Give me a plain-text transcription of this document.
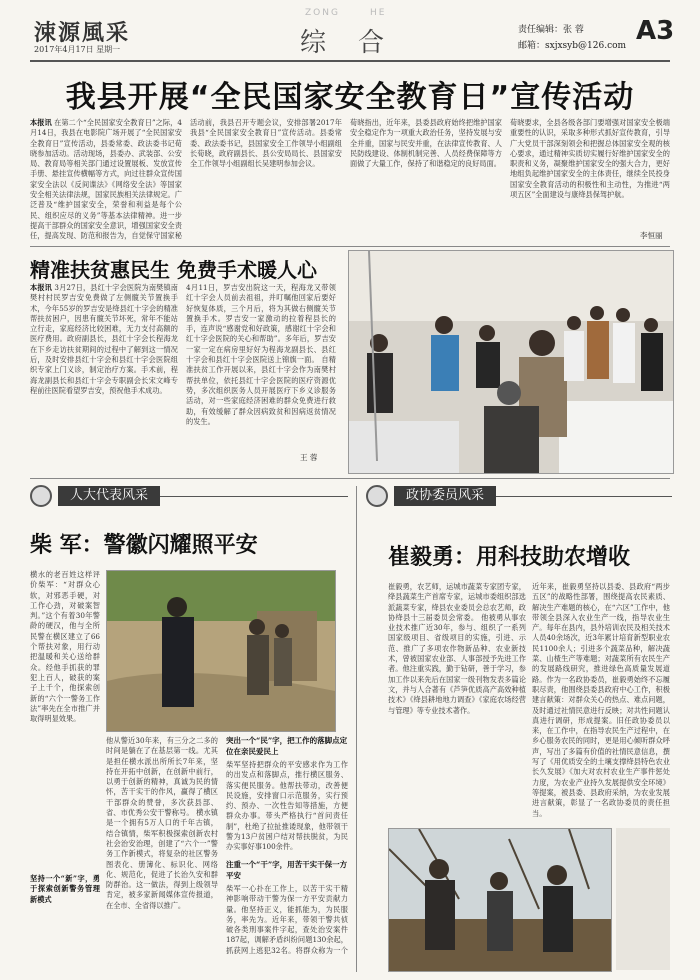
涑源風采
2017年4月17日 星期一
ZONG	HE
综合	责任编辑：张 蓉
邮箱：sxjxsyb@126.com A3
我县开展“全民国家安全教育日”宣传活动
本报讯 在第二个“全民国家安全教育日”之际，4月14日，我县在电影院广场开展了“全民国家安全教育日”宣传活动，县委常委、政法委书记荀晓参加活动。活动现场，县委办、武装部、公安局、教育局等相关部门通过设置展板、发放宣传手册、悬挂宣传横幅等方式，向过往群众宣传国家安全法以《反间谍法》《网络安全法》等国家安全相关法律法规，国家民族相关法律规定。广泛普及“维护国家安全，荣誉和利益是每个公民、组织应尽的义务”等基本法律精神。进一步提高干部群众的国家安全意识，增强国家安全责任，提高发现、防范和报告为，自觉保守国家秘
活动前，我县召开专题会议，安排部署2017年我县“全民国家安全教育日”宣传活动。县委常委、政法委书记，县国家安全工作领导小组副组长荀晓，政府副县长、县公安局局长、县国家安全工作领导小组副组长吴建明参加会议。
荀晓指出，近年来，县委县政府始终把维护国家安全稳定作为一项重大政治任务，坚持发展与安全并重，国家与民安并重，在法律宣传教育、人民防线建设、体制机制完善、人员经费保障等方面做了大量工作，保持了和谐稳定的良好局面。
荀晓要求，全县各级各部门要增强对国家安全极端重要性的认识，采取多种形式抓好宣传教育，引导广大党员干部深刻领会和把握总体国家安全观的核心要求，通过精神实质切实履行好维护国家安全的职责和义务，凝聚维护国家安全的强大合力，更好地组负起维护国家安全的主体责任，继续全民投身国家安全教育活动的积极性和主动性，为推进“两项五区”全面建设与康绛县保驾护航。
李恒丽
精准扶贫惠民生 免费手术暖人心
本报讯 3月27日，县红十字会医院为南樊镇南樊村村民罗吉安免费做了左侧髋关节置换手术，今年55岁的罗吉安是绛县红十字会的精准帮扶贫困户，因患有髋关节坏死，常年不能站立行走，家庭经济比较困难，无力支付高额的医疗费用。政府副县长，县红十字会长程海龙在下乡走访扶贫期间的过程中了解到这一情况后，及时安排县红十字会和县红十字会医院组织专家上门义诊，制定治疗方案。手术前，程海龙副县长和县红十字会专职副会长宋文峰专程前往医院看望罗吉安，预祝他手术成功。
4月11日，罗吉安出院这一天，程海龙又带领红十字会人员前去祖祖，并叮嘱他回家后要好好恢复体质，三个月后，将为其做右侧髋关节置换手术。罗吉安一家激动的拉着程县长的手，连声说“感谢党和好政策，感谢红十字会和红十字会医院的关心和帮助”。多年后，罗吉安一家一定在病房里好好为程海龙副县长、县红十字会和县红十字会医院送上锦旗一面。 自精准扶贫工作开展以来，县红十字会作为南樊村帮扶单位，依托县红十字会医院的医疗资源优势，多次组织医务人员开展医疗下乡义诊服务活动，对一些家庭经济困难的群众免费进行救助，有效缓解了群众因病致贫和因病返贫情况的发生。
王 蓉
人大代表风采
柴 军：警徽闪耀照平安
横水的老百姓这样评价柴军：“对群众心软，对邪恶手硬，对工作心劲，对破案智判。”这个有着30年警龄的硬汉，他与全所民警在横区建立了66个帮扶对象，用行动把温暖和关心送给群众。经他手抓获的罪犯上百人，破获的案子上千个，他探索创新的“六个一警务工作法”率先在全市推广并取得明显效果。
坚持一个“新”字，勇于探索创新警务管理新模式
他从警近30年来，有三分之二多的时间是躺在了在基层第一线。尤其是担任横水派出所所长7年来，坚持在开拓中创新，在创新中前行，以勇于创新的精神，真诚为民的情怀，苦干实干的作风，赢得了横区干部群众的赞誉，多次获县部、省、市优秀公安干警称号。 横水镇是一个拥有5万人口的千年古镇，结合镇情，柴军积极探索创新农村社会治安治理，创建了“六个一”警务工作新模式，将复杂的社区警务图表化、册簿化、标识化、网络化、规范化，促进了长治久安和群防群治。这一做法，得到上级领导肯定，被多家新闻媒体宣传报道，在全市、全省得以推广。
突出一个“民”字，把工作的落脚点定位在亲民爱民上
柴军坚持把群众的平安感求作为工作的出发点和落脚点，推行横区服务、落实便民服务。他帮扶带动，改善便民设施，安排窗口示范服务，实行预约、预办、一次性告知等措施，方便群众办事。带头严格执行“首问责任制”，杜绝了拉扯推诿现象，他带领干警为13户贫困户结对帮扶脱贫，为民办实事好事100余件。
注重一个“干”字，用苦干实干保一方平安
柴军一心扑在工作上，以苦干实干精神影响带动干警为保一方平安贡献力量。他坚持正义，能抓能为，为民服务，率先为。近年来，带领干警共侦破各类刑事案件字起，查处治安案件187起，调解矛盾纠纷问题130余起，抓获网上逃犯32名。将群众称为一个
政协委员风采
崔毅勇：用科技助农增收
崔毅勇，农艺师，运城市蔬菜专家团专家，绛县蔬菜生产首席专家，运城市委组织部选派蔬菜专家，绛县农业委员会总农艺师，政协绛县十三届委员会常委。 他被勇从事农业技术推广近30年，参与、组织了一系列国家级项目、省级项目的实施，引进、示范、推广了多项农作物新品种、农业新技术，曾被国家农业部、人事部授予先进工作者。他注重实践，勤于钻研，善于学习，参加工作以来先后在国家一级刊物发表多篇论文，并与人合著有《芦笋优质高产高效种植技术》《绛县耕地地力调查》《家庭农场经营与管理》等专业技术著作。
近年来，崔毅勇坚持以县委、县政府“两步五区”的战略性部署，围绕提高农民素质、解决生产难题的核心，在“六区”工作中，他带领全县深入农业生产一线，指导农业生产。每年在县内，县外培训农民及相关技术人员40余场次，近3年累计培育新型职业农民1100余人；引进多个蔬菜品种，解决蔬菜、山楂生产等难题；对蔬菜所有农民生产的发展路线研究，推进绿色高质量发展道路。作为一名政协委员，崔毅勇始终不忘履职尽责，他围绕县委县政府中心工作，积极建言献策：对群众关心的热点、难点问题，及时通过社情民意进行反映；对共性问题认真进行调研，形成提案。旧任政协委员以来，在工作中，在指导农民生产过程中，在乡心服务农民的同时，更是用心倾听群众呼声，写出了多篇有价值的社情民意信息，撰写了《用优质安全的土壤支撑绛县特色农业长久发展》《加大对农村农业生产事件惩处力度，为农业产业持久发展提供安全环境》等提案，被县委、县政府采纳，为农业发展进言献策，彰显了一名政协委员的责任担当。
